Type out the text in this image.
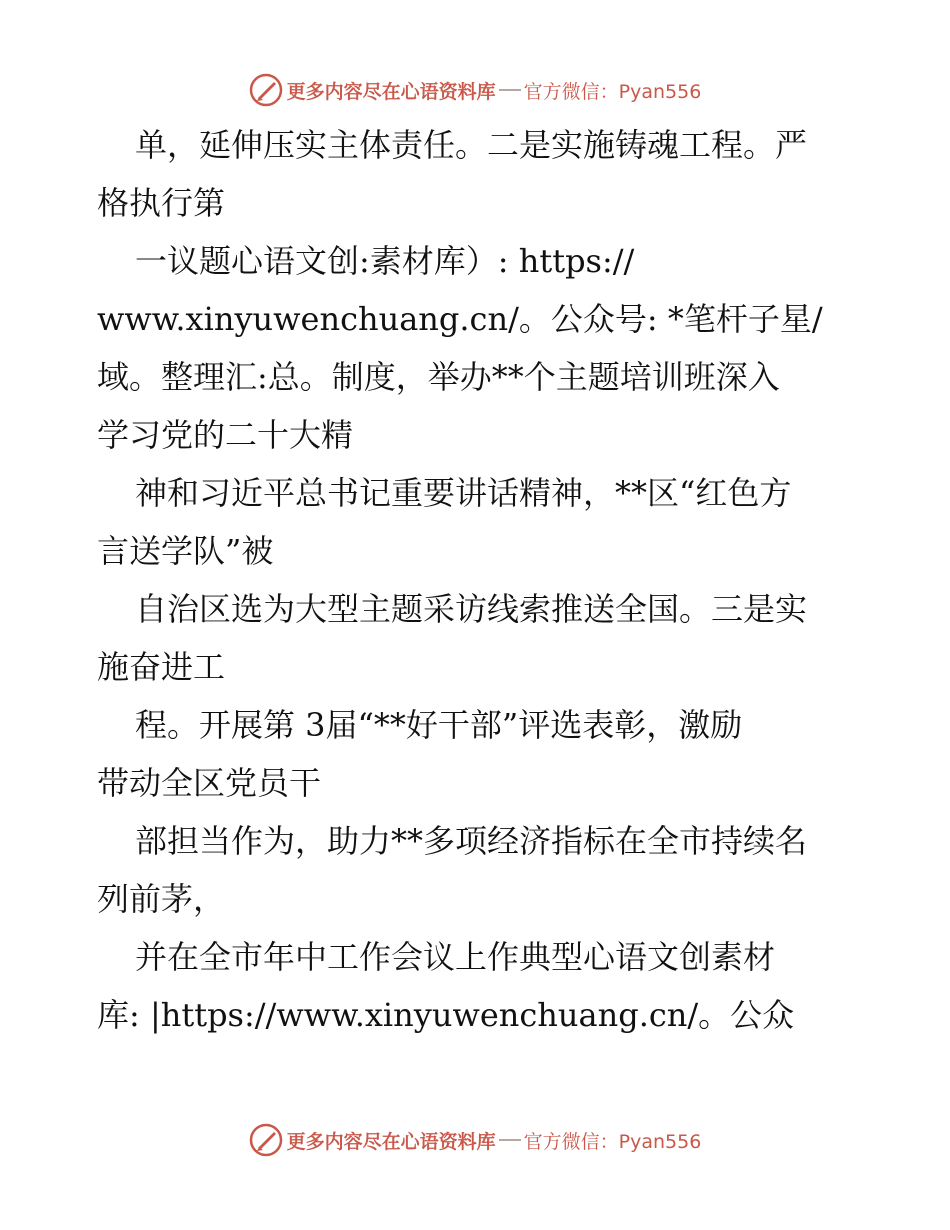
更多内容尽在心语资料库 官方微信：Pyan556
单，延伸压实主体责任。二是实施铸魂工程。严
格执行第
一议题心语文创:素材库）: https://
www.xinyuwenchuang.cn/。公众号: *笔杆子星/
域。整理汇:总。制度，举办**个主题培训班深入
学习党的二十大精
神和习近平总书记重要讲话精神，**区“红色方
言送学队”被
自治区选为大型主题采访线索推送全国。三是实
施奋进工
程。开展第 3届“**好干部”评选表彰，激励
带动全区党员干
部担当作为，助力**多项经济指标在全市持续名
列前茅，
并在全市年中工作会议上作典型心语文创素材
库: |https://www.xinyuwenchuang.cn/。公众
更多内容尽在心语资料库 官方微信：Pyan556
